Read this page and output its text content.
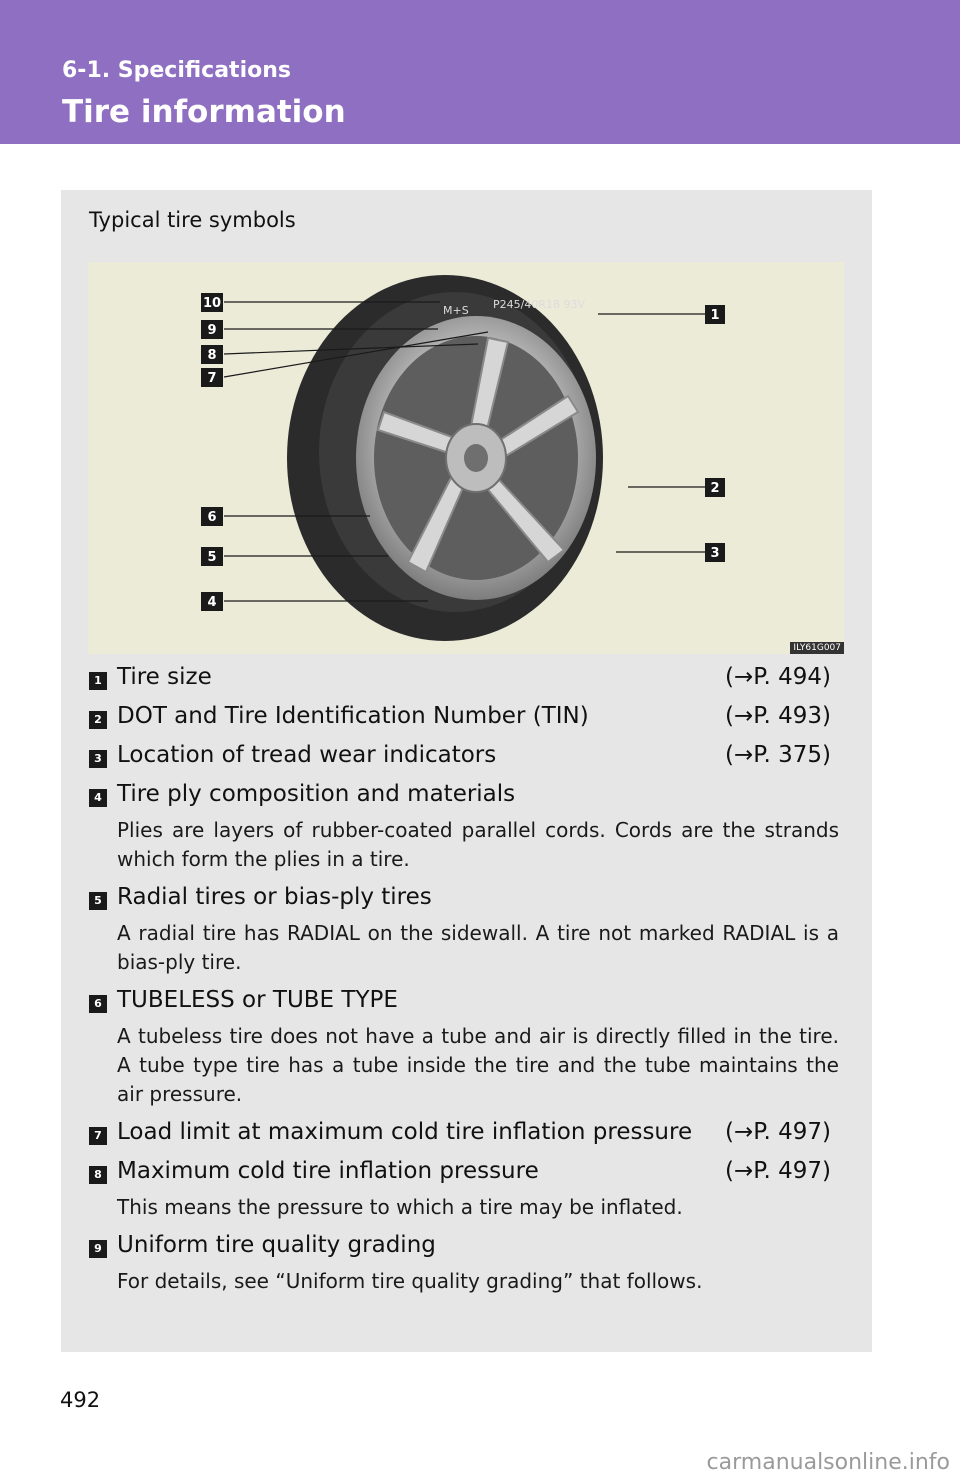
6-1. Specifications
Tire information
Typical tire symbols
M+S P245/40R18 93V
10
9
8
7
6
5
4
1
2
3
ILY61G007
1 Tire size	(→P. 494)
2 DOT and Tire Identification Number (TIN)	(→P. 493)
3 Location of tread wear indicators	(→P. 375)
4 Tire ply composition and materials
Plies are layers of rubber-coated parallel cords. Cords are the strands which form the plies in a tire.
5 Radial tires or bias-ply tires
A radial tire has RADIAL on the sidewall. A tire not marked RADIAL is a bias-ply tire.
6 TUBELESS or TUBE TYPE
A tubeless tire does not have a tube and air is directly filled in the tire. A tube type tire has a tube inside the tire and the tube maintains the air pressure.
7 Load limit at maximum cold tire inflation pressure (→P. 497)
8 Maximum cold tire inflation pressure	(→P. 497)
This means the pressure to which a tire may be inflated.
9 Uniform tire quality grading
For details, see “Uniform tire quality grading” that follows.
492
carmanualsonline.info
